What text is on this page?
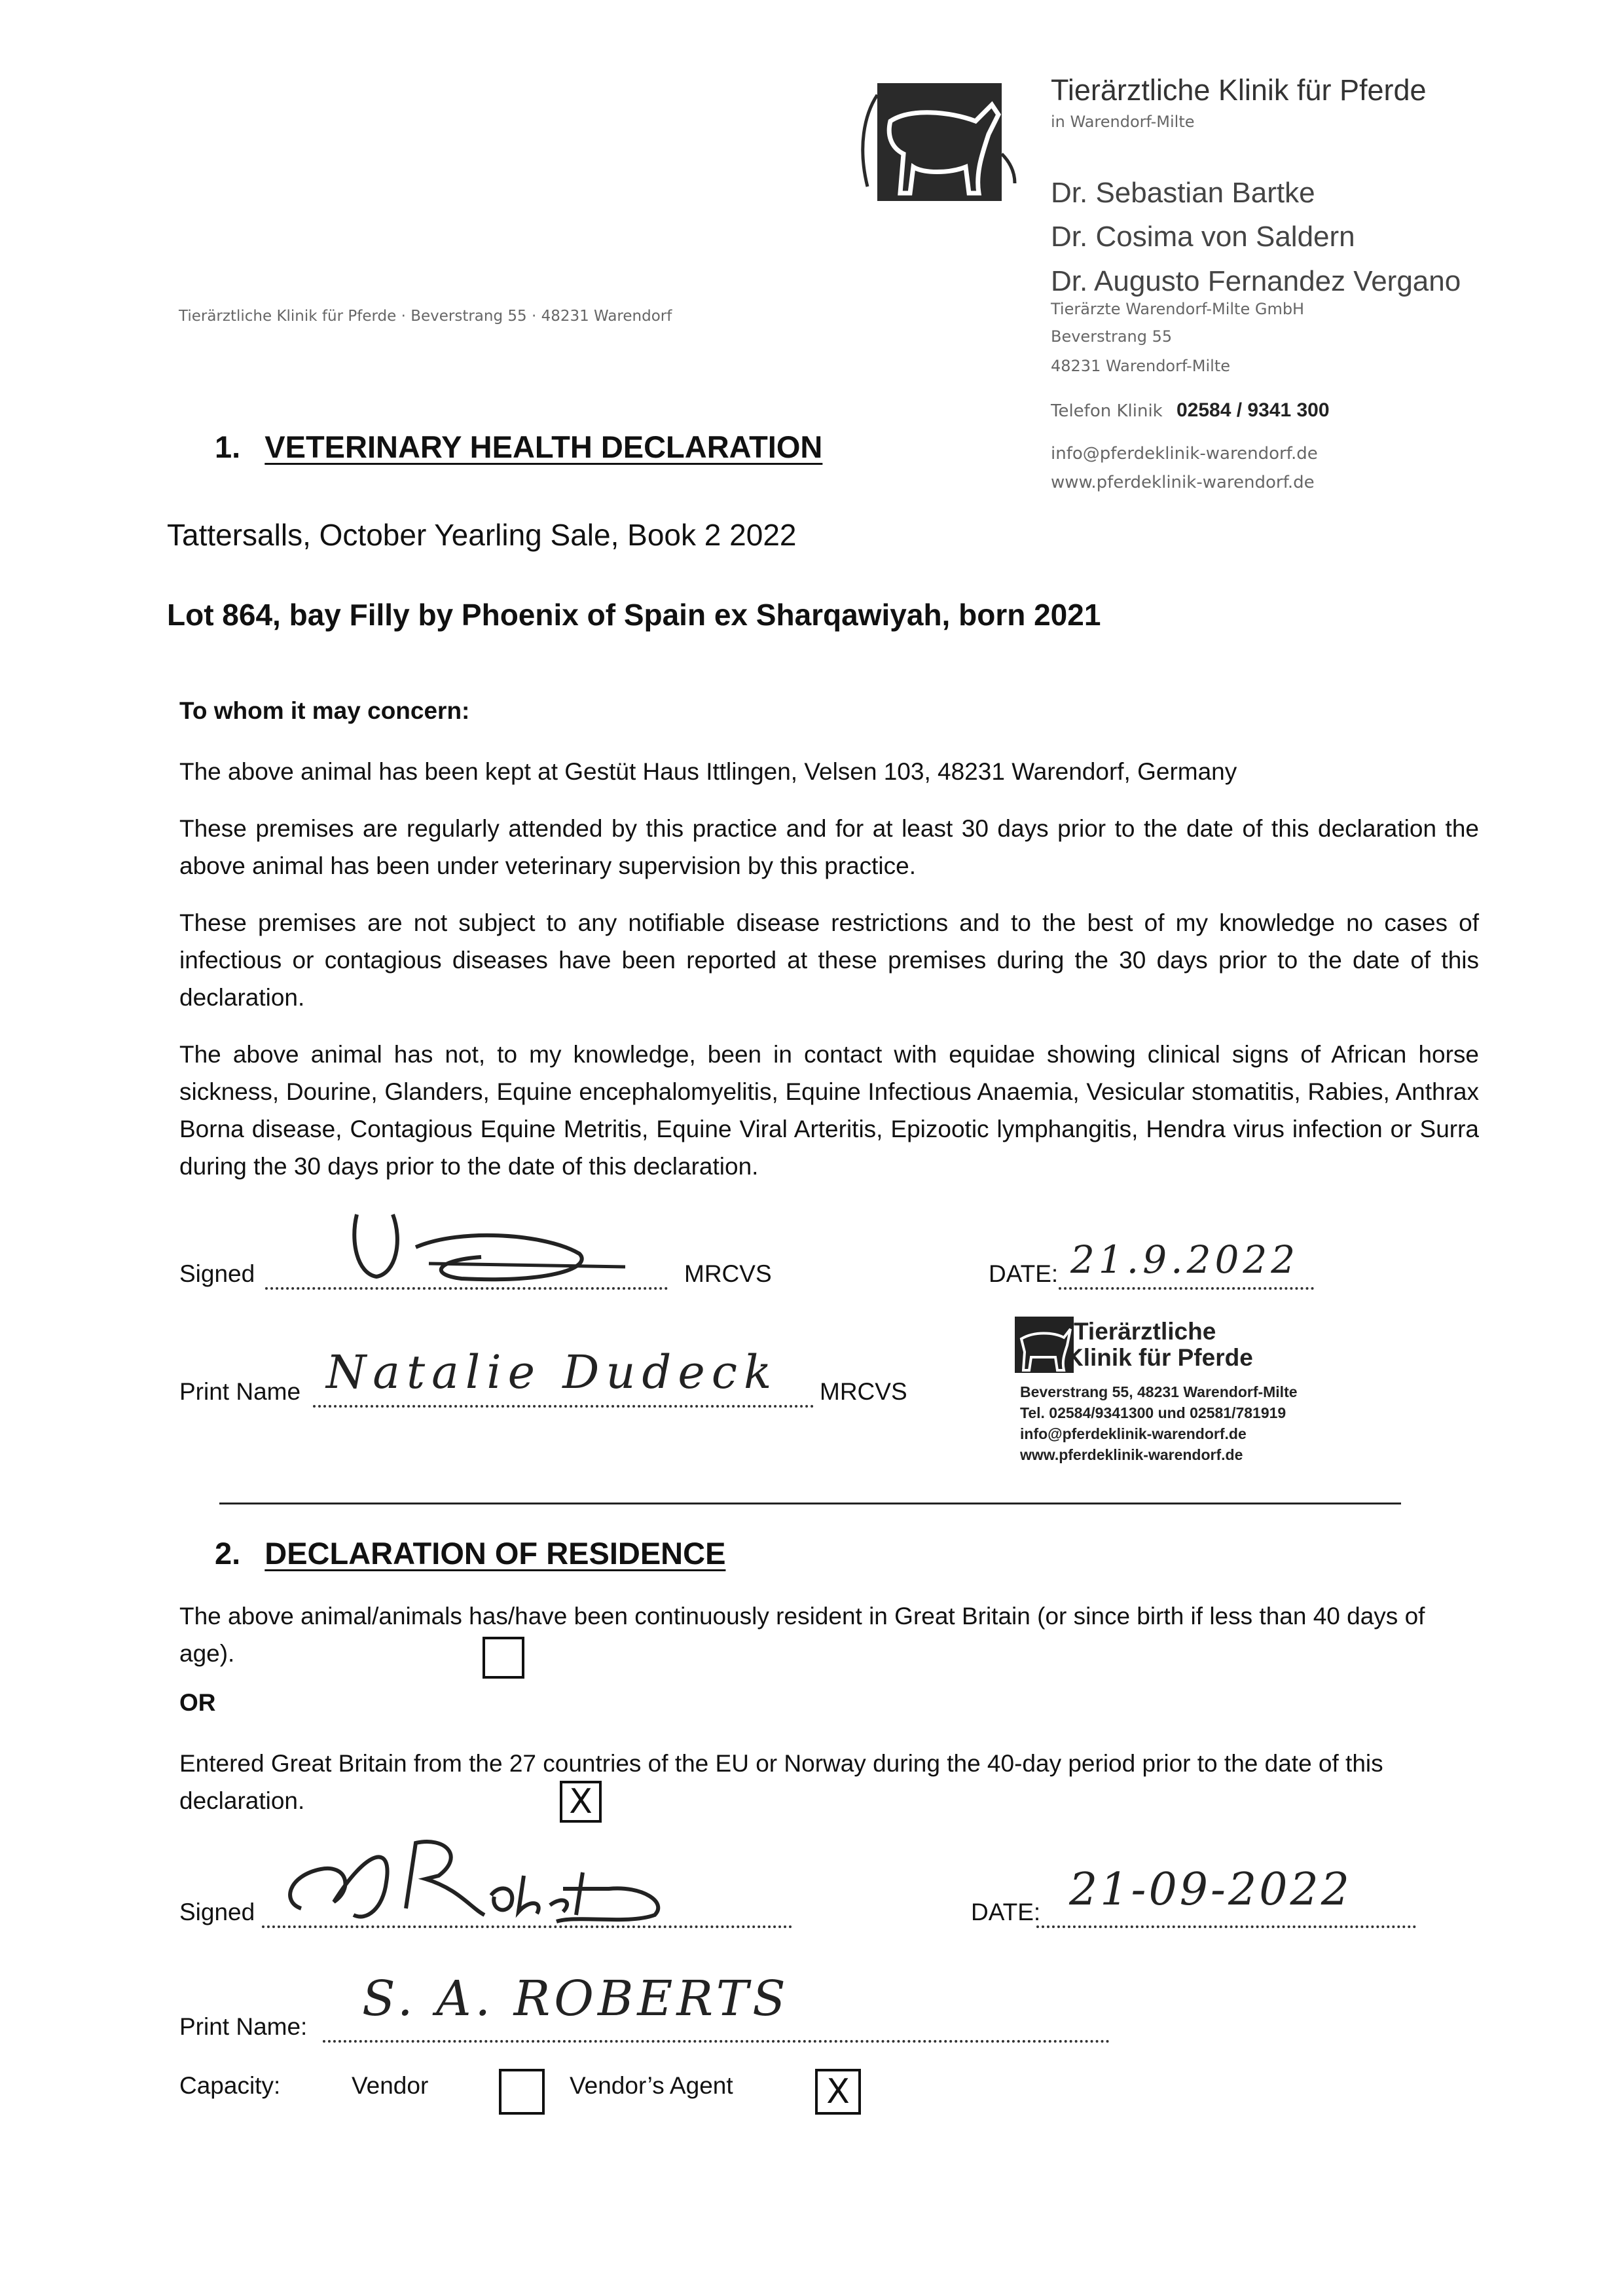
Tierärztliche Klinik für Pferde
in Warendorf-Milte
Dr. Sebastian Bartke
Dr. Cosima von Saldern
Dr. Augusto Fernandez Vergano
Tierärzte Warendorf-Milte GmbH
Beverstrang 55
48231 Warendorf-Milte
Telefon Klinik 02584 / 9341 300
info@pferdeklinik-warendorf.de
www.pferdeklinik-warendorf.de
Tierärztliche Klinik für Pferde · Beverstrang 55 · 48231 Warendorf
1. VETERINARY HEALTH DECLARATION
Tattersalls, October Yearling Sale, Book 2 2022
Lot 864, bay Filly by Phoenix of Spain ex Sharqawiyah, born 2021
To whom it may concern:

The above animal has been kept at Gestüt Haus Ittlingen, Velsen 103, 48231 Warendorf, Germany

These premises are regularly attended by this practice and for at least 30 days prior to the date of this declaration the above animal has been under veterinary supervision by this practice.

These premises are not subject to any notifiable disease restrictions and to the best of my knowledge no cases of infectious or contagious diseases have been reported at these premises during the 30 days prior to the date of this declaration.

The above animal has not, to my knowledge, been in contact with equidae showing clinical signs of African horse sickness, Dourine, Glanders, Equine encephalomyelitis, Equine Infectious Anaemia, Vesicular stomatitis, Rabies, Anthrax Borna disease, Contagious Equine Metritis, Equine Viral Arteritis, Epizootic lymphangitis, Hendra virus infection or Surra during the 30 days prior to the date of this declaration.

Signed	MRCVS	DATE: 21.9.2022
Print Name Natalie Dudeck MRCVS
Tierärztliche
Klinik für Pferde
Beverstrang 55, 48231 Warendorf-Milte
Tel. 02584/9341300 und 02581/781919
info@pferdeklinik-warendorf.de
www.pferdeklinik-warendorf.de
2. DECLARATION OF RESIDENCE

The above animal/animals has/have been continuously resident in Great Britain (or since birth if less than 40 days of age).

OR

Entered Great Britain from the 27 countries of the EU or Norway during the 40-day period prior to the date of this declaration.	X
Signed	DATE: 21-09-2022
Print Name: S. A. ROBERTS
Capacity:	Vendor	Vendor’s Agent	X
